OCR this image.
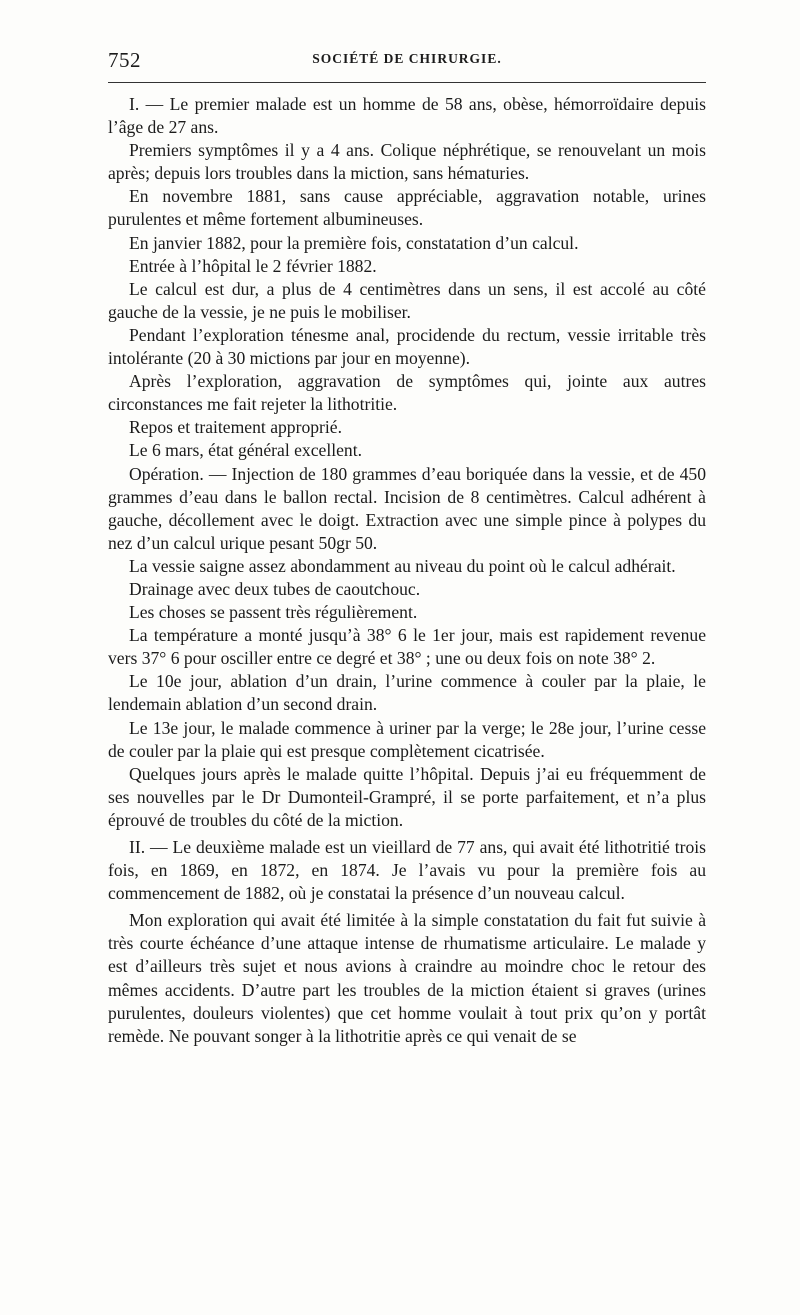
752	SOCIÉTÉ DE CHIRURGIE.

I. — Le premier malade est un homme de 58 ans, obèse, hémorroïdaire depuis l’âge de 27 ans.

Premiers symptômes il y a 4 ans. Colique néphrétique, se renouvelant un mois après; depuis lors troubles dans la miction, sans hématuries.

En novembre 1881, sans cause appréciable, aggravation notable, urines purulentes et même fortement albumineuses.

En janvier 1882, pour la première fois, constatation d’un calcul.

Entrée à l’hôpital le 2 février 1882.

Le calcul est dur, a plus de 4 centimètres dans un sens, il est accolé au côté gauche de la vessie, je ne puis le mobiliser.

Pendant l’exploration ténesme anal, procidende du rectum, vessie irritable très intolérante (20 à 30 mictions par jour en moyenne).

Après l’exploration, aggravation de symptômes qui, jointe aux autres circonstances me fait rejeter la lithotritie.

Repos et traitement approprié.

Le 6 mars, état général excellent.

Opération. — Injection de 180 grammes d’eau boriquée dans la vessie, et de 450 grammes d’eau dans le ballon rectal. Incision de 8 centimètres. Calcul adhérent à gauche, décollement avec le doigt. Extraction avec une simple pince à polypes du nez d’un calcul urique pesant 50gr 50.

La vessie saigne assez abondamment au niveau du point où le calcul adhérait.

Drainage avec deux tubes de caoutchouc.

Les choses se passent très régulièrement.

La température a monté jusqu’à 38° 6 le 1er jour, mais est rapidement revenue vers 37° 6 pour osciller entre ce degré et 38° ; une ou deux fois on note 38° 2.

Le 10e jour, ablation d’un drain, l’urine commence à couler par la plaie, le lendemain ablation d’un second drain.

Le 13e jour, le malade commence à uriner par la verge; le 28e jour, l’urine cesse de couler par la plaie qui est presque complètement cicatrisée.

Quelques jours après le malade quitte l’hôpital. Depuis j’ai eu fréquemment de ses nouvelles par le Dr Dumonteil-Grampré, il se porte parfaitement, et n’a plus éprouvé de troubles du côté de la miction.

II. — Le deuxième malade est un vieillard de 77 ans, qui avait été lithotritié trois fois, en 1869, en 1872, en 1874. Je l’avais vu pour la première fois au commencement de 1882, où je constatai la présence d’un nouveau calcul.

Mon exploration qui avait été limitée à la simple constatation du fait fut suivie à très courte échéance d’une attaque intense de rhumatisme articulaire. Le malade y est d’ailleurs très sujet et nous avions à craindre au moindre choc le retour des mêmes accidents. D’autre part les troubles de la miction étaient si graves (urines purulentes, douleurs violentes) que cet homme voulait à tout prix qu’on y portât remède. Ne pouvant songer à la lithotritie après ce qui venait de se
